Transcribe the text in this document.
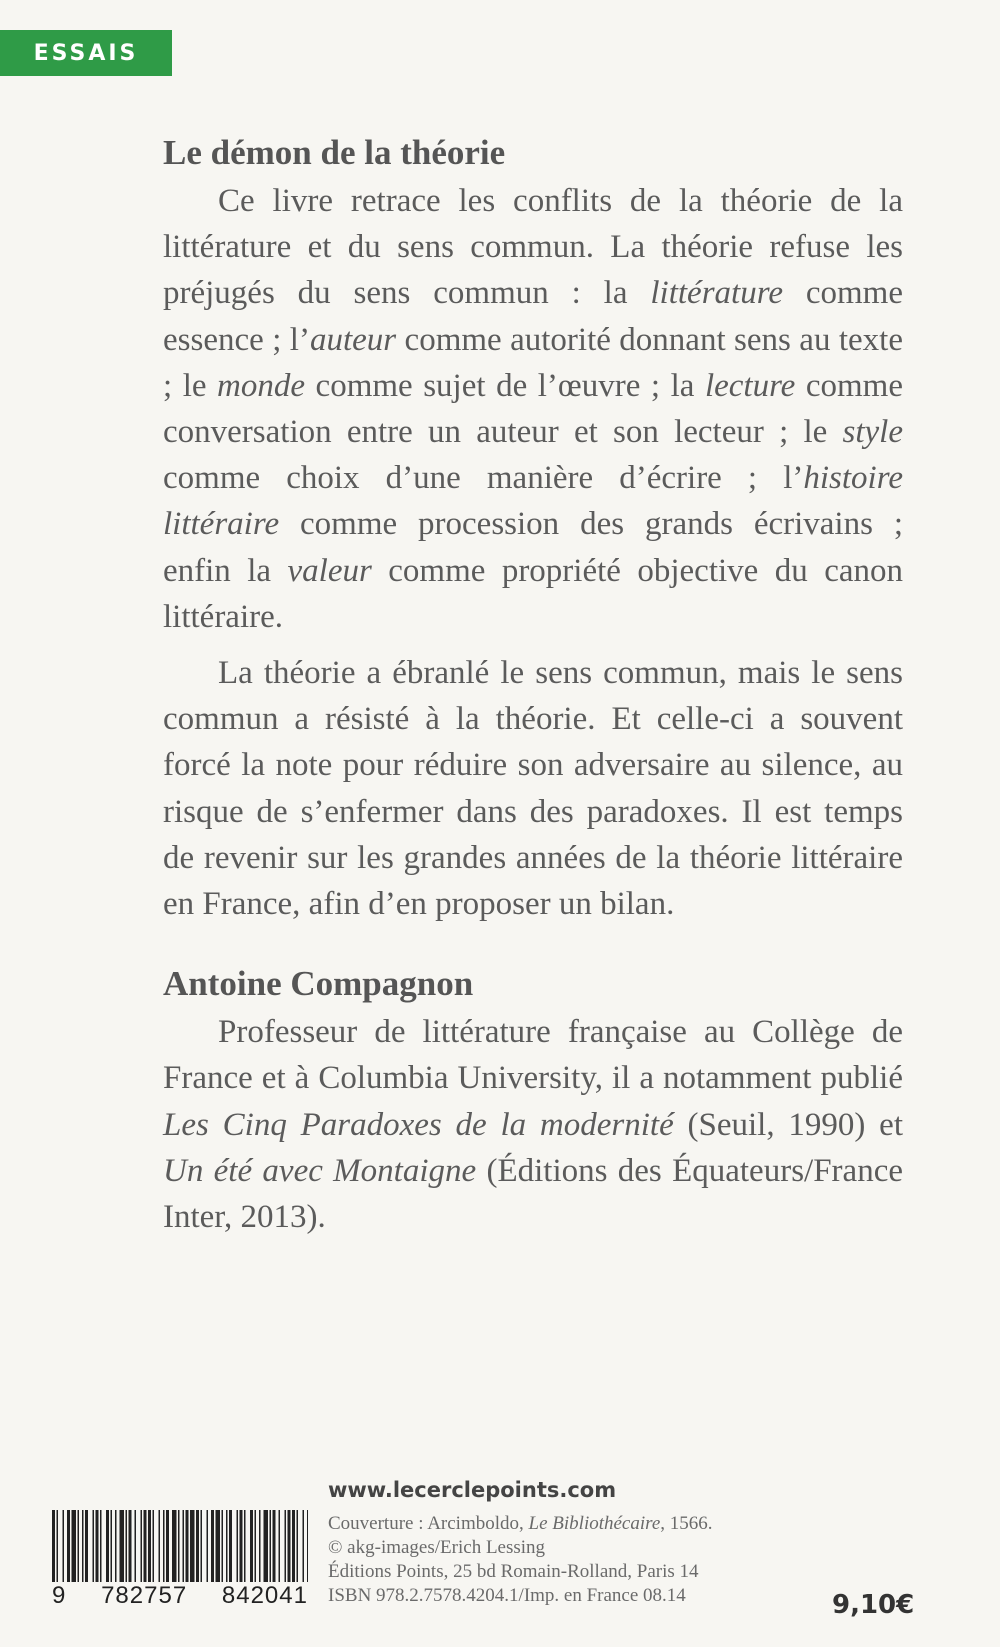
ESSAIS
Le démon de la théorie

Ce livre retrace les conflits de la théorie de la littérature et du sens commun. La théorie refuse les préjugés du sens commun : la littérature comme essence ; l’auteur comme autorité donnant sens au texte ; le monde comme sujet de l’œuvre ; la lecture comme conversation entre un auteur et son lecteur ; le style comme choix d’une manière d’écrire ; l’histoire littéraire comme procession des grands écrivains ; enfin la valeur comme propriété objective du canon littéraire.

La théorie a ébranlé le sens commun, mais le sens commun a résisté à la théorie. Et celle-ci a souvent forcé la note pour réduire son adversaire au silence, au risque de s’enfermer dans des paradoxes. Il est temps de revenir sur les grandes années de la théorie littéraire en France, afin d’en proposer un bilan.

Antoine Compagnon

Professeur de littérature française au Collège de France et à Columbia University, il a notamment publié Les Cinq Paradoxes de la modernité (Seuil, 1990) et Un été avec Montaigne (Éditions des Équateurs/France Inter, 2013).

9 782757 842041
www.lecerclepoints.com
Couverture : Arcimboldo, Le Bibliothécaire, 1566.
© akg-images/Erich Lessing
Éditions Points, 25 bd Romain-Rolland, Paris 14
ISBN 978.2.7578.4204.1/Imp. en France 08.14	9,10€
